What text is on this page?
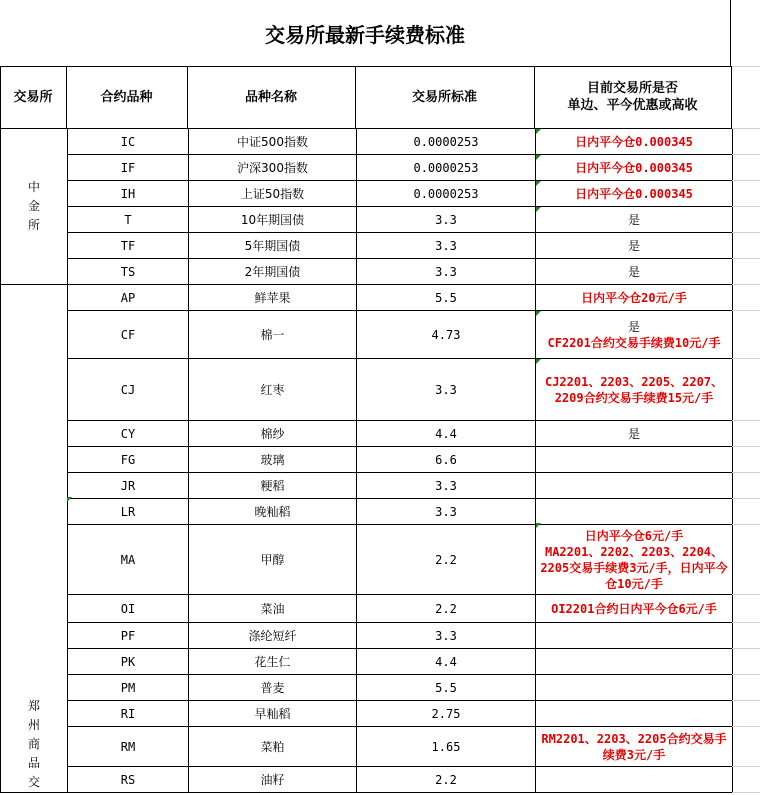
交易所最新手续费标准
交易所	合约品种	品种名称	交易所标准
目前交易所是否
单边、平今优惠或高收
中金所	IC	中证500指数	0.0000253	日内平今仓0.000345
	IF	沪深300指数	0.0000253	日内平今仓0.000345
	IH	上证50指数	0.0000253	日内平今仓0.000345
	T	10年期国债	3.3	是
	TF	5年期国债	3.3	是
	TS	2年期国债	3.3	是
郑州商品交	AP	鲜苹果	5.5	日内平今仓20元/手
	CF	棉一	4.73	是
CF2201合约交易手续费10元/手

	CJ	红枣	3.3	CJ2201、2203、2205、2207、2209合约交易手续费15元/手
	CY	棉纱	4.4	是
	FG	玻璃	6.6	
	JR	粳稻	3.3	
	LR	晚籼稻	3.3	
	MA	甲醇	2.2	日内平今仓6元/手
MA2201、2202、2203、2204、2205交易手续费3元/手，日内平今仓10元/手

	OI	菜油	2.2	OI2201合约日内平今仓6元/手
	PF	涤纶短纤	3.3	
	PK	花生仁	4.4	
	PM	普麦	5.5	
	RI	早籼稻	2.75	
	RM	菜粕	1.65	RM2201、2203、2205合约交易手续费3元/手
	RS	油籽	2.2	
